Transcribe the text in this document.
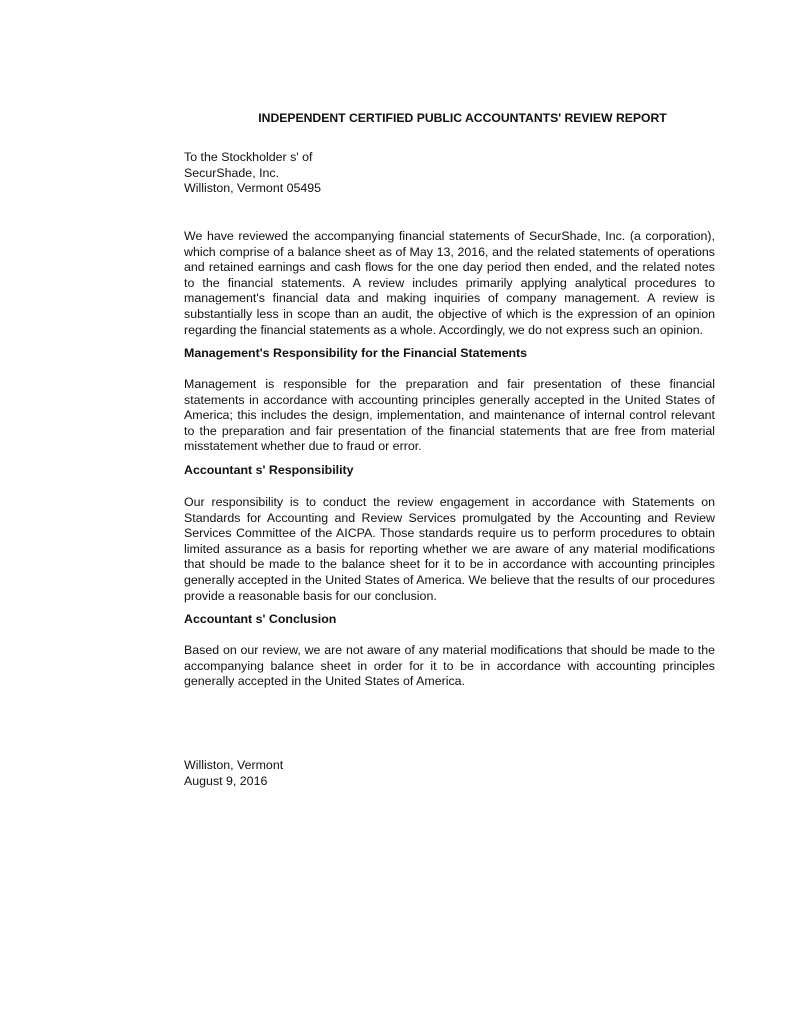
INDEPENDENT CERTIFIED PUBLIC ACCOUNTANTS' REVIEW REPORT
To the Stockholder s' of
SecurShade, Inc.
Williston, Vermont 05495
We have reviewed the accompanying financial statements of SecurShade, Inc. (a corporation), which comprise of a balance sheet as of May 13, 2016, and the related statements of operations and retained earnings and cash flows for the one day period then ended, and the related notes to the financial statements. A review includes primarily applying analytical procedures to management's financial data and making inquiries of company management. A review is substantially less in scope than an audit, the objective of which is the expression of an opinion regarding the financial statements as a whole. Accordingly, we do not express such an opinion.
Management's Responsibility for the Financial Statements
Management is responsible for the preparation and fair presentation of these financial statements in accordance with accounting principles generally accepted in the United States of America; this includes the design, implementation, and maintenance of internal control relevant to the preparation and fair presentation of the financial statements that are free from material misstatement whether due to fraud or error.
Accountant s' Responsibility
Our responsibility is to conduct the review engagement in accordance with Statements on Standards for Accounting and Review Services promulgated by the Accounting and Review Services Committee of the AICPA. Those standards require us to perform procedures to obtain limited assurance as a basis for reporting whether we are aware of any material modifications that should be made to the balance sheet for it to be in accordance with accounting principles generally accepted in the United States of America. We believe that the results of our procedures provide a reasonable basis for our conclusion.
Accountant s' Conclusion
Based on our review, we are not aware of any material modifications that should be made to the accompanying balance sheet in order for it to be in accordance with accounting principles generally accepted in the United States of America.
Williston, Vermont
August 9, 2016
